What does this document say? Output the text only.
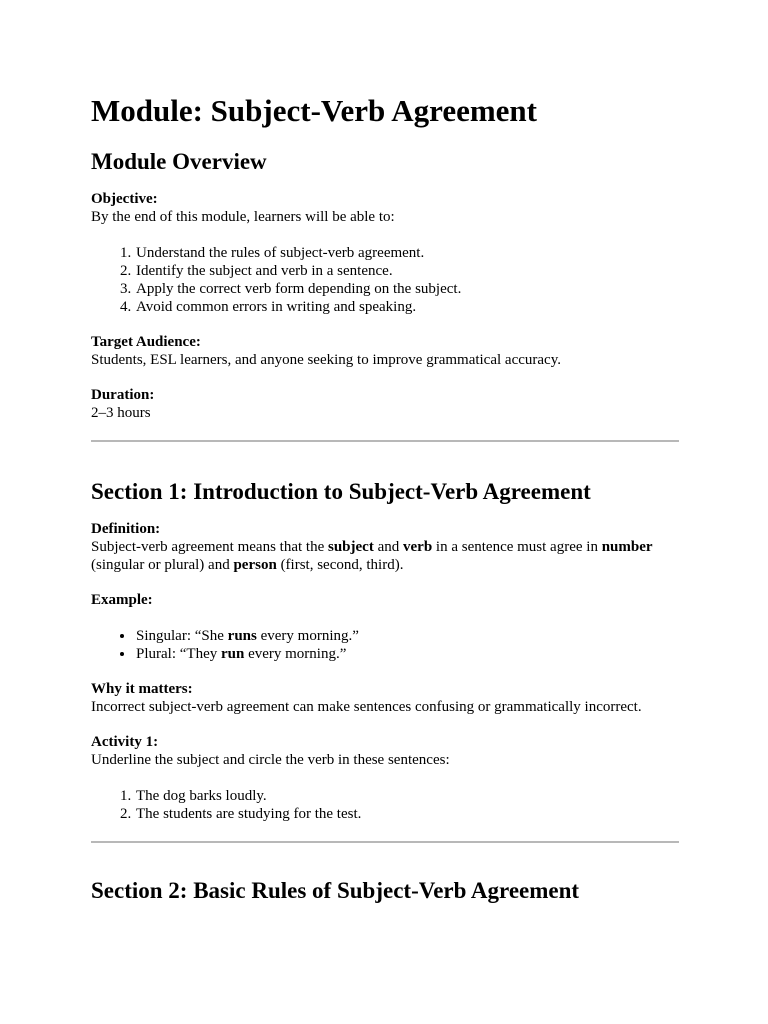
Module: Subject-Verb Agreement
Module Overview

Objective:

By the end of this module, learners will be able to:

1. Understand the rules of subject-verb agreement.
2. Identify the subject and verb in a sentence.
3. Apply the correct verb form depending on the subject.
4. Avoid common errors in writing and speaking.

Target Audience:

Students, ESL learners, and anyone seeking to improve grammatical accuracy.

Duration:

2–3 hours

Section 1: Introduction to Subject-Verb Agreement

Definition:

Subject-verb agreement means that the subject and verb in a sentence must agree in number (singular or plural) and person (first, second, third).

Example:

• Singular: “She runs every morning.”
• Plural: “They run every morning.”

Why it matters:

Incorrect subject-verb agreement can make sentences confusing or grammatically incorrect.

Activity 1:

Underline the subject and circle the verb in these sentences:

1. The dog barks loudly.
2. The students are studying for the test.
Section 2: Basic Rules of Subject-Verb Agreement
